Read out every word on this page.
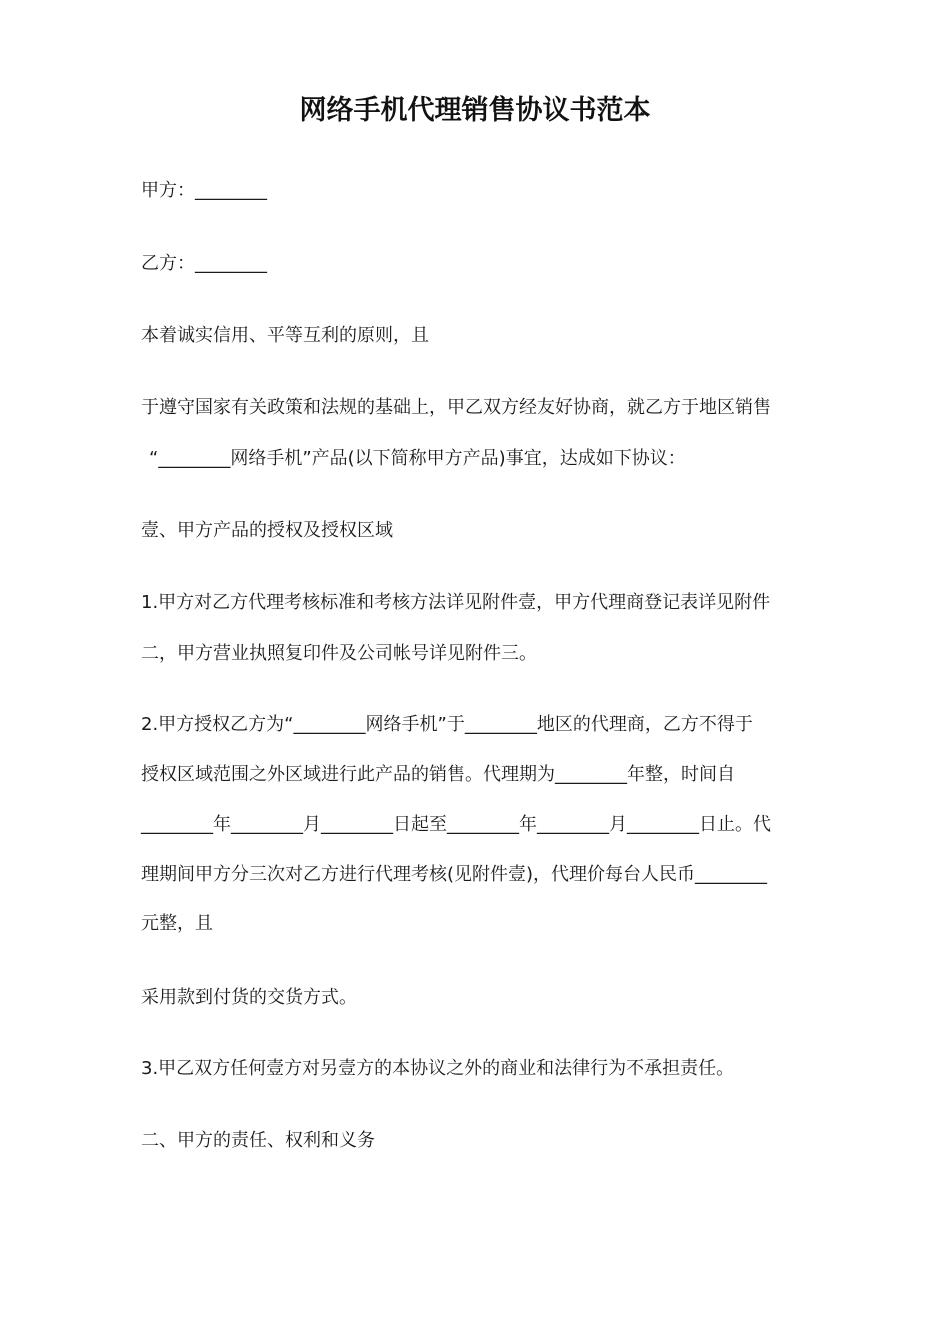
网络手机代理销售协议书范本

甲方：________

乙方：________

本着诚实信用、平等互利的原则，且

于遵守国家有关政策和法规的基础上，甲乙双方经友好协商，就乙方于地区销售

“________网络手机”产品(以下简称甲方产品)事宜，达成如下协议：

壹、甲方产品的授权及授权区域

1.甲方对乙方代理考核标准和考核方法详见附件壹，甲方代理商登记表详见附件

二，甲方营业执照复印件及公司帐号详见附件三。

2.甲方授权乙方为“________网络手机”于________地区的代理商，乙方不得于

授权区域范围之外区域进行此产品的销售。代理期为________年整，时间自

________年________月________日起至________年________月________日止。代

理期间甲方分三次对乙方进行代理考核(见附件壹)，代理价每台人民币________

元整，且

采用款到付货的交货方式。

3.甲乙双方任何壹方对另壹方的本协议之外的商业和法律行为不承担责任。

二、甲方的责任、权利和义务
